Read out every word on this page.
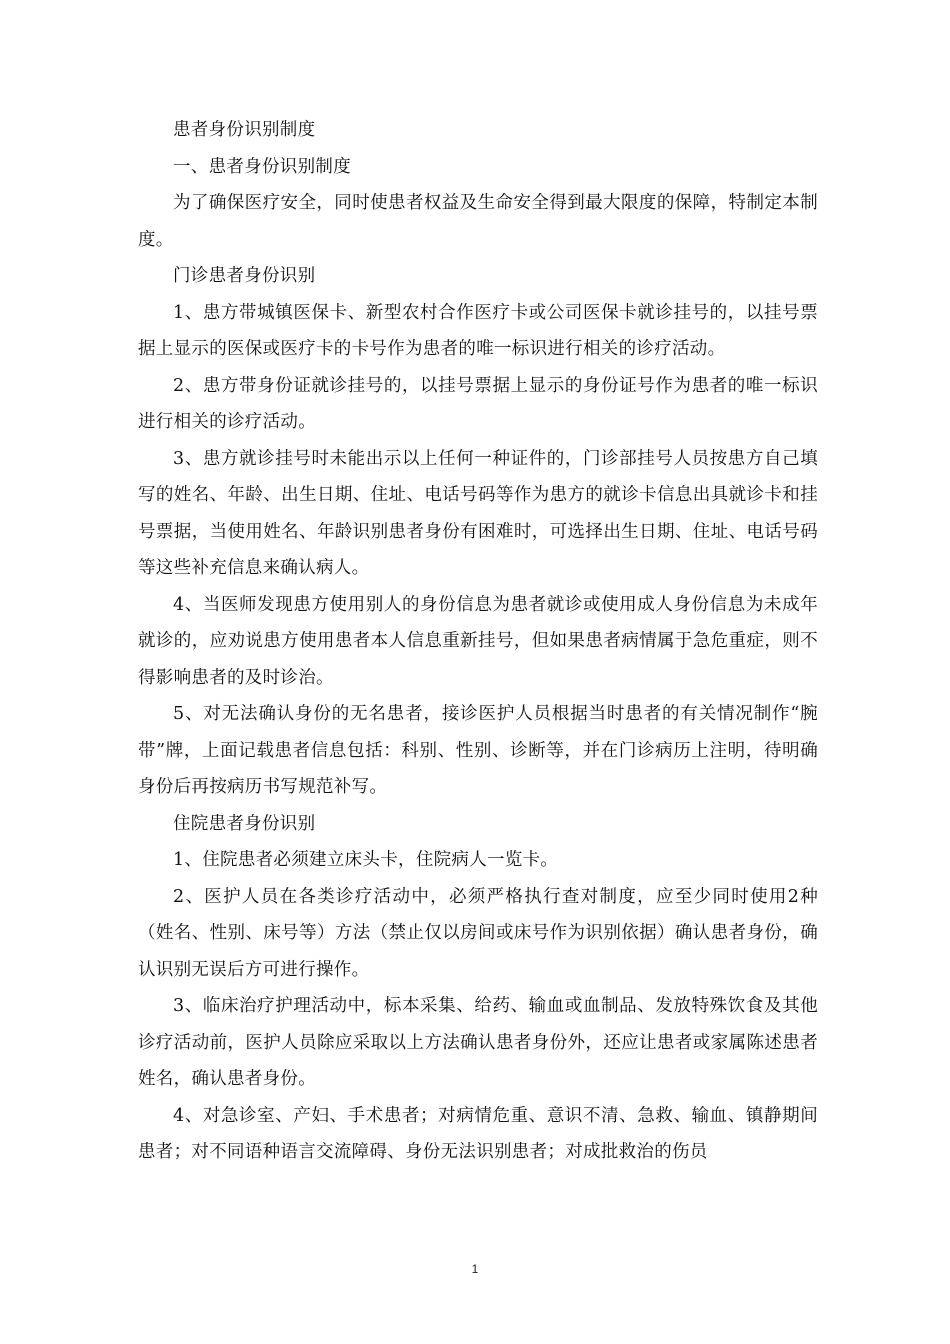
患者身份识别制度

一、患者身份识别制度

为了确保医疗安全，同时使患者权益及生命安全得到最大限度的保障，特制定本制度。

门诊患者身份识别

1、患方带城镇医保卡、新型农村合作医疗卡或公司医保卡就诊挂号的，以挂号票据上显示的医保或医疗卡的卡号作为患者的唯一标识进行相关的诊疗活动。

2、患方带身份证就诊挂号的，以挂号票据上显示的身份证号作为患者的唯一标识进行相关的诊疗活动。

3、患方就诊挂号时未能出示以上任何一种证件的，门诊部挂号人员按患方自己填写的姓名、年龄、出生日期、住址、电话号码等作为患方的就诊卡信息出具就诊卡和挂号票据，当使用姓名、年龄识别患者身份有困难时，可选择出生日期、住址、电话号码等这些补充信息来确认病人。

4、当医师发现患方使用别人的身份信息为患者就诊或使用成人身份信息为未成年就诊的，应劝说患方使用患者本人信息重新挂号，但如果患者病情属于急危重症，则不得影响患者的及时诊治。

5、对无法确认身份的无名患者，接诊医护人员根据当时患者的有关情况制作“腕带”牌，上面记载患者信息包括：科别、性别、诊断等，并在门诊病历上注明，待明确身份后再按病历书写规范补写。

住院患者身份识别

1、住院患者必须建立床头卡，住院病人一览卡。

2、医护人员在各类诊疗活动中，必须严格执行查对制度，应至少同时使用2种（姓名、性别、床号等）方法（禁止仅以房间或床号作为识别依据）确认患者身份，确认识别无误后方可进行操作。

3、临床治疗护理活动中，标本采集、给药、输血或血制品、发放特殊饮食及其他诊疗活动前，医护人员除应采取以上方法确认患者身份外，还应让患者或家属陈述患者姓名，确认患者身份。

4、对急诊室、产妇、手术患者；对病情危重、意识不清、急救、输血、镇静期间患者；对不同语种语言交流障碍、身份无法识别患者；对成批救治的伤员

1
